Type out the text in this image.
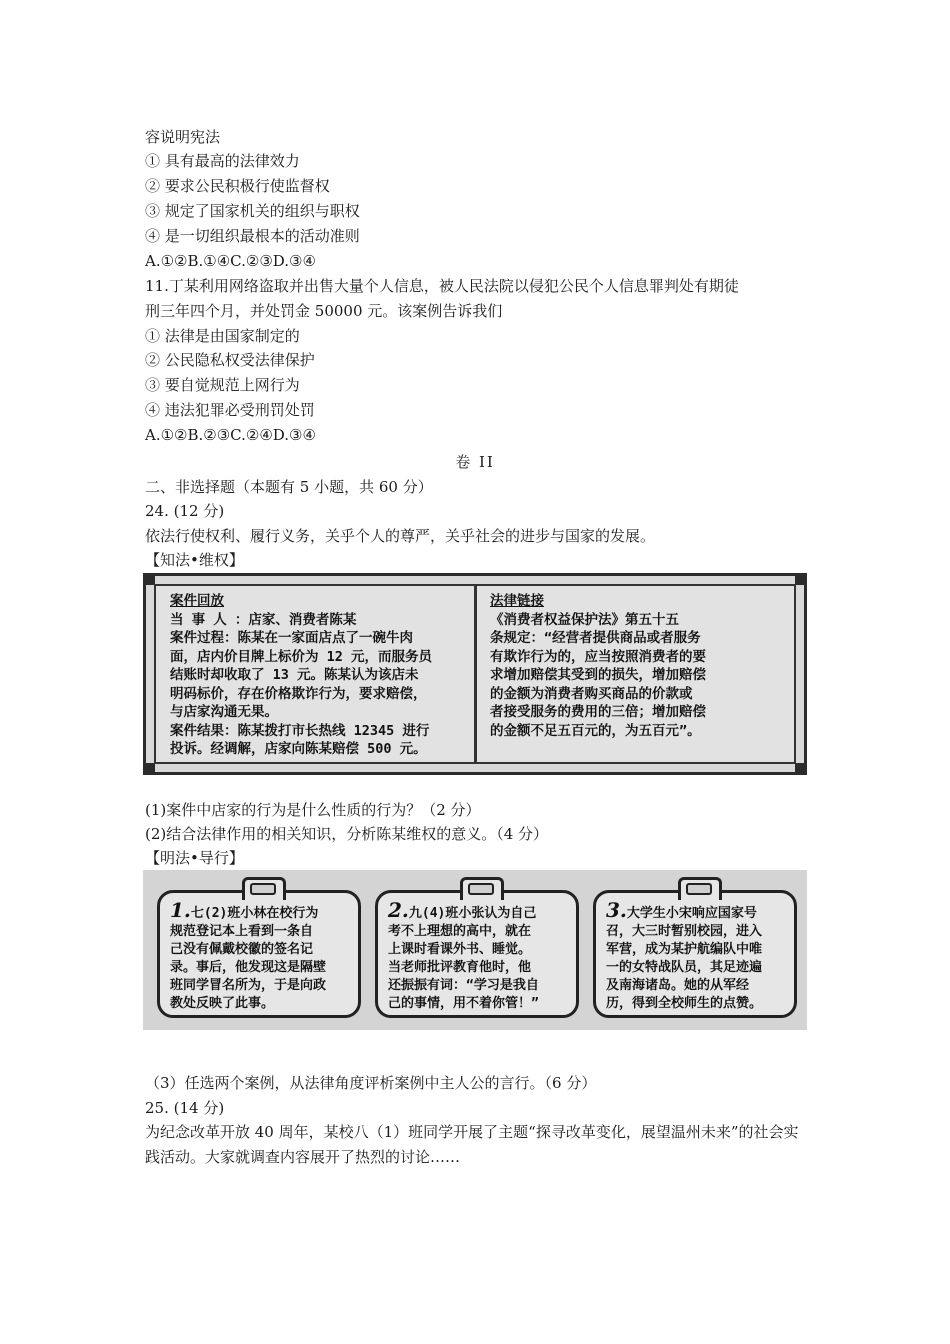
容说明宪法
① 具有最高的法律效力
② 要求公民积极行使监督权
③ 规定了国家机关的组织与职权
④ 是一切组织最根本的活动准则
A.①②B.①④C.②③D.③④
11.丁某利用网络盗取并出售大量个人信息，被人民法院以侵犯公民个人信息罪判处有期徒
刑三年四个月，并处罚金 50000 元。该案例告诉我们
① 法律是由国家制定的
② 公民隐私权受法律保护
③ 要自觉规范上网行为
④ 违法犯罪必受刑罚处罚
A.①②B.②③C.②④D.③④
卷 II
二、非选择题（本题有 5 小题，共 60 分）
24. (12 分)
依法行使权利、履行义务，关乎个人的尊严，关乎社会的进步与国家的发展。
【知法•维权】
案件回放
当 事 人 ：店家、消费者陈某
案件过程：陈某在一家面店点了一碗牛肉
面，店内价目牌上标价为 12 元，而服务员
结账时却收取了 13 元。陈某认为该店未
明码标价，存在价格欺诈行为，要求赔偿，
与店家沟通无果。
案件结果：陈某拨打市长热线 12345 进行
投诉。经调解，店家向陈某赔偿 500 元。
法律链接
《消费者权益保护法》第五十五
条规定：“经营者提供商品或者服务
有欺诈行为的，应当按照消费者的要
求增加赔偿其受到的损失，增加赔偿
的金额为消费者购买商品的价款或
者接受服务的费用的三倍；增加赔偿
的金额不足五百元的，为五百元”。
(1)案件中店家的行为是什么性质的行为？（2 分）
(2)结合法律作用的相关知识，分析陈某维权的意义。（4 分）
【明法•导行】
1.七(2)班小林在校行为
规范登记本上看到一条自
己没有佩戴校徽的签名记
录。事后，他发现这是隔壁
班同学冒名所为，于是向政
教处反映了此事。
2.九(4)班小张认为自己
考不上理想的高中，就在
上课时看课外书、睡觉。
当老师批评教育他时，他
还振振有词：“学习是我自
己的事情，用不着你管！”
3.大学生小宋响应国家号
召，大三时暂别校园，进入
军营，成为某护航编队中唯
一的女特战队员，其足迹遍
及南海诸岛。她的从军经
历，得到全校师生的点赞。
（3）任选两个案例，从法律角度评析案例中主人公的言行。（6 分）
25. (14 分)
为纪念改革开放 40 周年，某校八（1）班同学开展了主题“探寻改革变化，展望温州未来”的社会实践活动。大家就调查内容展开了热烈的讨论……
